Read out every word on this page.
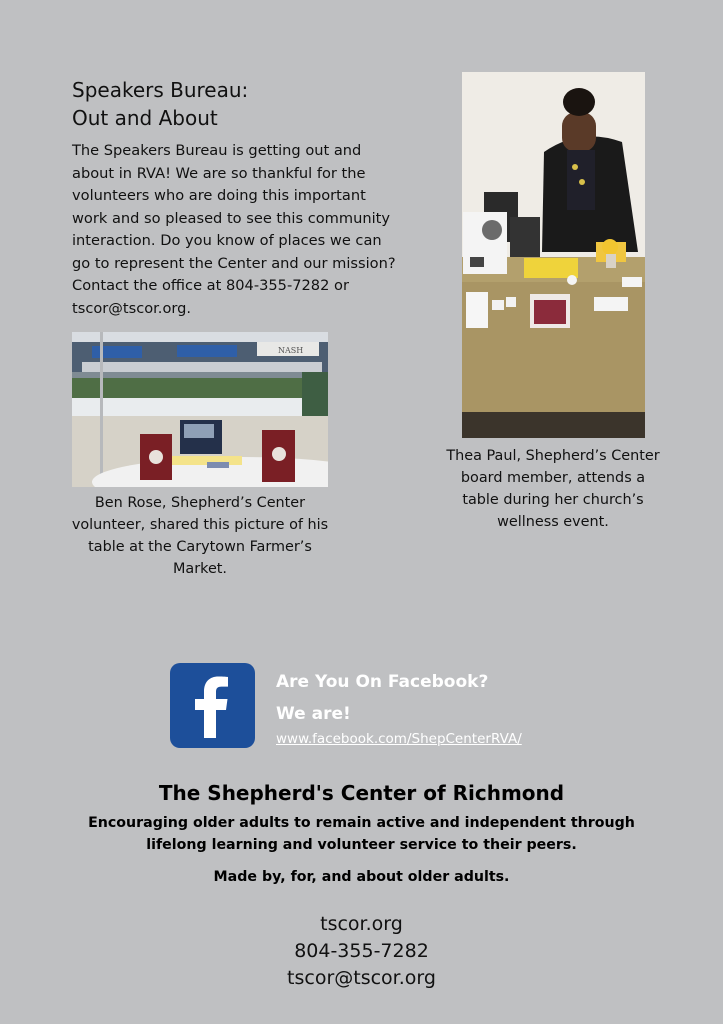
Speakers Bureau:
Out and About
The Speakers Bureau is getting out and about in RVA! We are so thankful for the volunteers who are doing this important work and so pleased to see this community interaction. Do you know of places we can go to represent the Center and our mission? Contact the office at 804-355-7282 or tscor@tscor.org.
NASH
Ben Rose, Shepherd’s Center volunteer, shared this picture of his table at the Carytown Farmer’s Market.
Thea Paul, Shepherd’s Center board member, attends a table during her church’s wellness event.
Are You On Facebook?
We are!
www.facebook.com/ShepCenterRVA/
The Shepherd's Center of Richmond
Encouraging older adults to remain active and independent through lifelong learning and volunteer service to their peers.
Made by, for, and about older adults.
tscor.org
804-355-7282
tscor@tscor.org
